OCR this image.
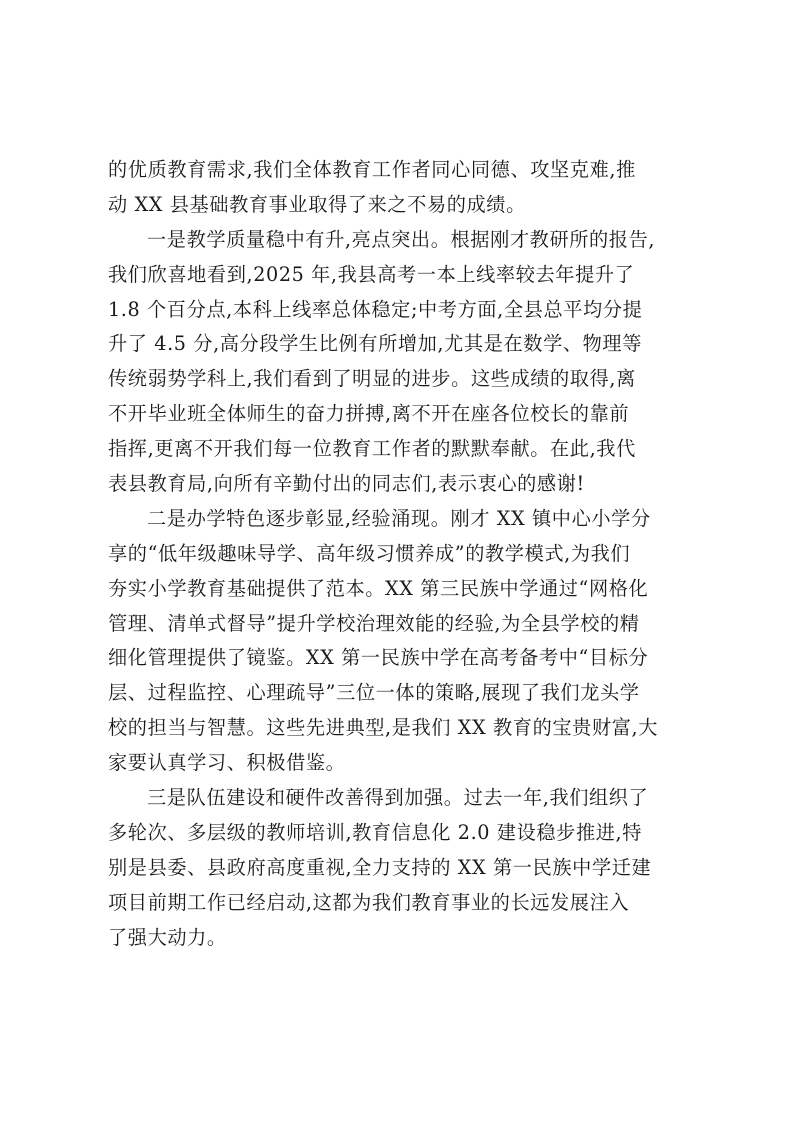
的优质教育需求,我们全体教育工作者同心同德、攻坚克难,推
动 XX 县基础教育事业取得了来之不易的成绩。
一是教学质量稳中有升,亮点突出。根据刚才教研所的报告,
我们欣喜地看到,2025 年,我县高考一本上线率较去年提升了
1.8 个百分点,本科上线率总体稳定;中考方面,全县总平均分提
升了 4.5 分,高分段学生比例有所增加,尤其是在数学、物理等
传统弱势学科上,我们看到了明显的进步。这些成绩的取得,离
不开毕业班全体师生的奋力拼搏,离不开在座各位校长的靠前
指挥,更离不开我们每一位教育工作者的默默奉献。在此,我代
表县教育局,向所有辛勤付出的同志们,表示衷心的感谢!
二是办学特色逐步彰显,经验涌现。刚才 XX 镇中心小学分
享的“低年级趣味导学、高年级习惯养成”的教学模式,为我们
夯实小学教育基础提供了范本。XX 第三民族中学通过“网格化
管理、清单式督导”提升学校治理效能的经验,为全县学校的精
细化管理提供了镜鉴。XX 第一民族中学在高考备考中“目标分
层、过程监控、心理疏导”三位一体的策略,展现了我们龙头学
校的担当与智慧。这些先进典型,是我们 XX 教育的宝贵财富,大
家要认真学习、积极借鉴。
三是队伍建设和硬件改善得到加强。过去一年,我们组织了
多轮次、多层级的教师培训,教育信息化 2.0 建设稳步推进,特
别是县委、县政府高度重视,全力支持的 XX 第一民族中学迁建
项目前期工作已经启动,这都为我们教育事业的长远发展注入
了强大动力。
